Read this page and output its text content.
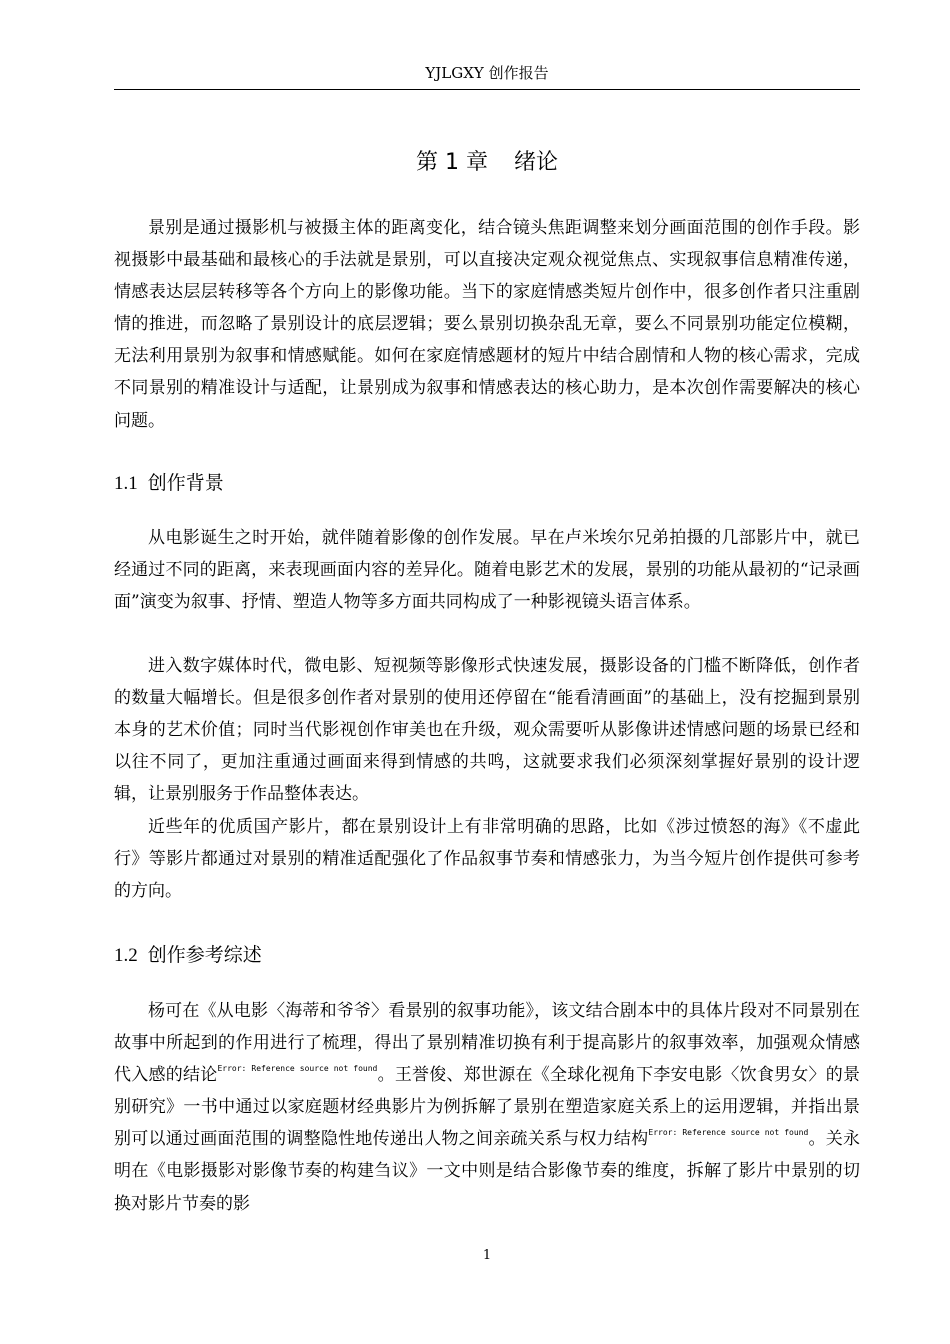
YJLGXY 创作报告
第 1 章 绪论

景别是通过摄影机与被摄主体的距离变化，结合镜头焦距调整来划分画面范围的创作手段。影视摄影中最基础和最核心的手法就是景别，可以直接决定观众视觉焦点、实现叙事信息精准传递，情感表达层层转移等各个方向上的影像功能。当下的家庭情感类短片创作中，很多创作者只注重剧情的推进，而忽略了景别设计的底层逻辑；要么景别切换杂乱无章，要么不同景别功能定位模糊，无法利用景别为叙事和情感赋能。如何在家庭情感题材的短片中结合剧情和人物的核心需求，完成不同景别的精准设计与适配，让景别成为叙事和情感表达的核心助力，是本次创作需要解决的核心问题。

1.1 创作背景

从电影诞生之时开始，就伴随着影像的创作发展。早在卢米埃尔兄弟拍摄的几部影片中，就已经通过不同的距离，来表现画面内容的差异化。随着电影艺术的发展，景别的功能从最初的“记录画面”演变为叙事、抒情、塑造人物等多方面共同构成了一种影视镜头语言体系。

进入数字媒体时代，微电影、短视频等影像形式快速发展，摄影设备的门槛不断降低，创作者的数量大幅增长。但是很多创作者对景别的使用还停留在“能看清画面”的基础上，没有挖掘到景别本身的艺术价值；同时当代影视创作审美也在升级，观众需要听从影像讲述情感问题的场景已经和以往不同了，更加注重通过画面来得到情感的共鸣，这就要求我们必须深刻掌握好景别的设计逻辑，让景别服务于作品整体表达。

近些年的优质国产影片，都在景别设计上有非常明确的思路，比如《涉过愤怒的海》《不虚此行》等影片都通过对景别的精准适配强化了作品叙事节奏和情感张力，为当今短片创作提供可参考的方向。

1.2 创作参考综述

杨可在《从电影〈海蒂和爷爷〉看景别的叙事功能》，该文结合剧本中的具体片段对不同景别在故事中所起到的作用进行了梳理，得出了景别精准切换有利于提高影片的叙事效率，加强观众情感代入感的结论$^{Error: Reference source not found}$。王誉俊、郑世源在《全球化视角下李安电影〈饮食男女〉的景别研究》一书中通过以家庭题材经典影片为例拆解了景别在塑造家庭关系上的运用逻辑，并指出景别可以通过画面范围的调整隐性地传递出人物之间亲疏关系与权力结构$^{Error: Reference source not found}$。关永明在《电影摄影对影像节奏的构建刍议》一文中则是结合影像节奏的维度，拆解了影片中景别的切换对影片节奏的影

1
